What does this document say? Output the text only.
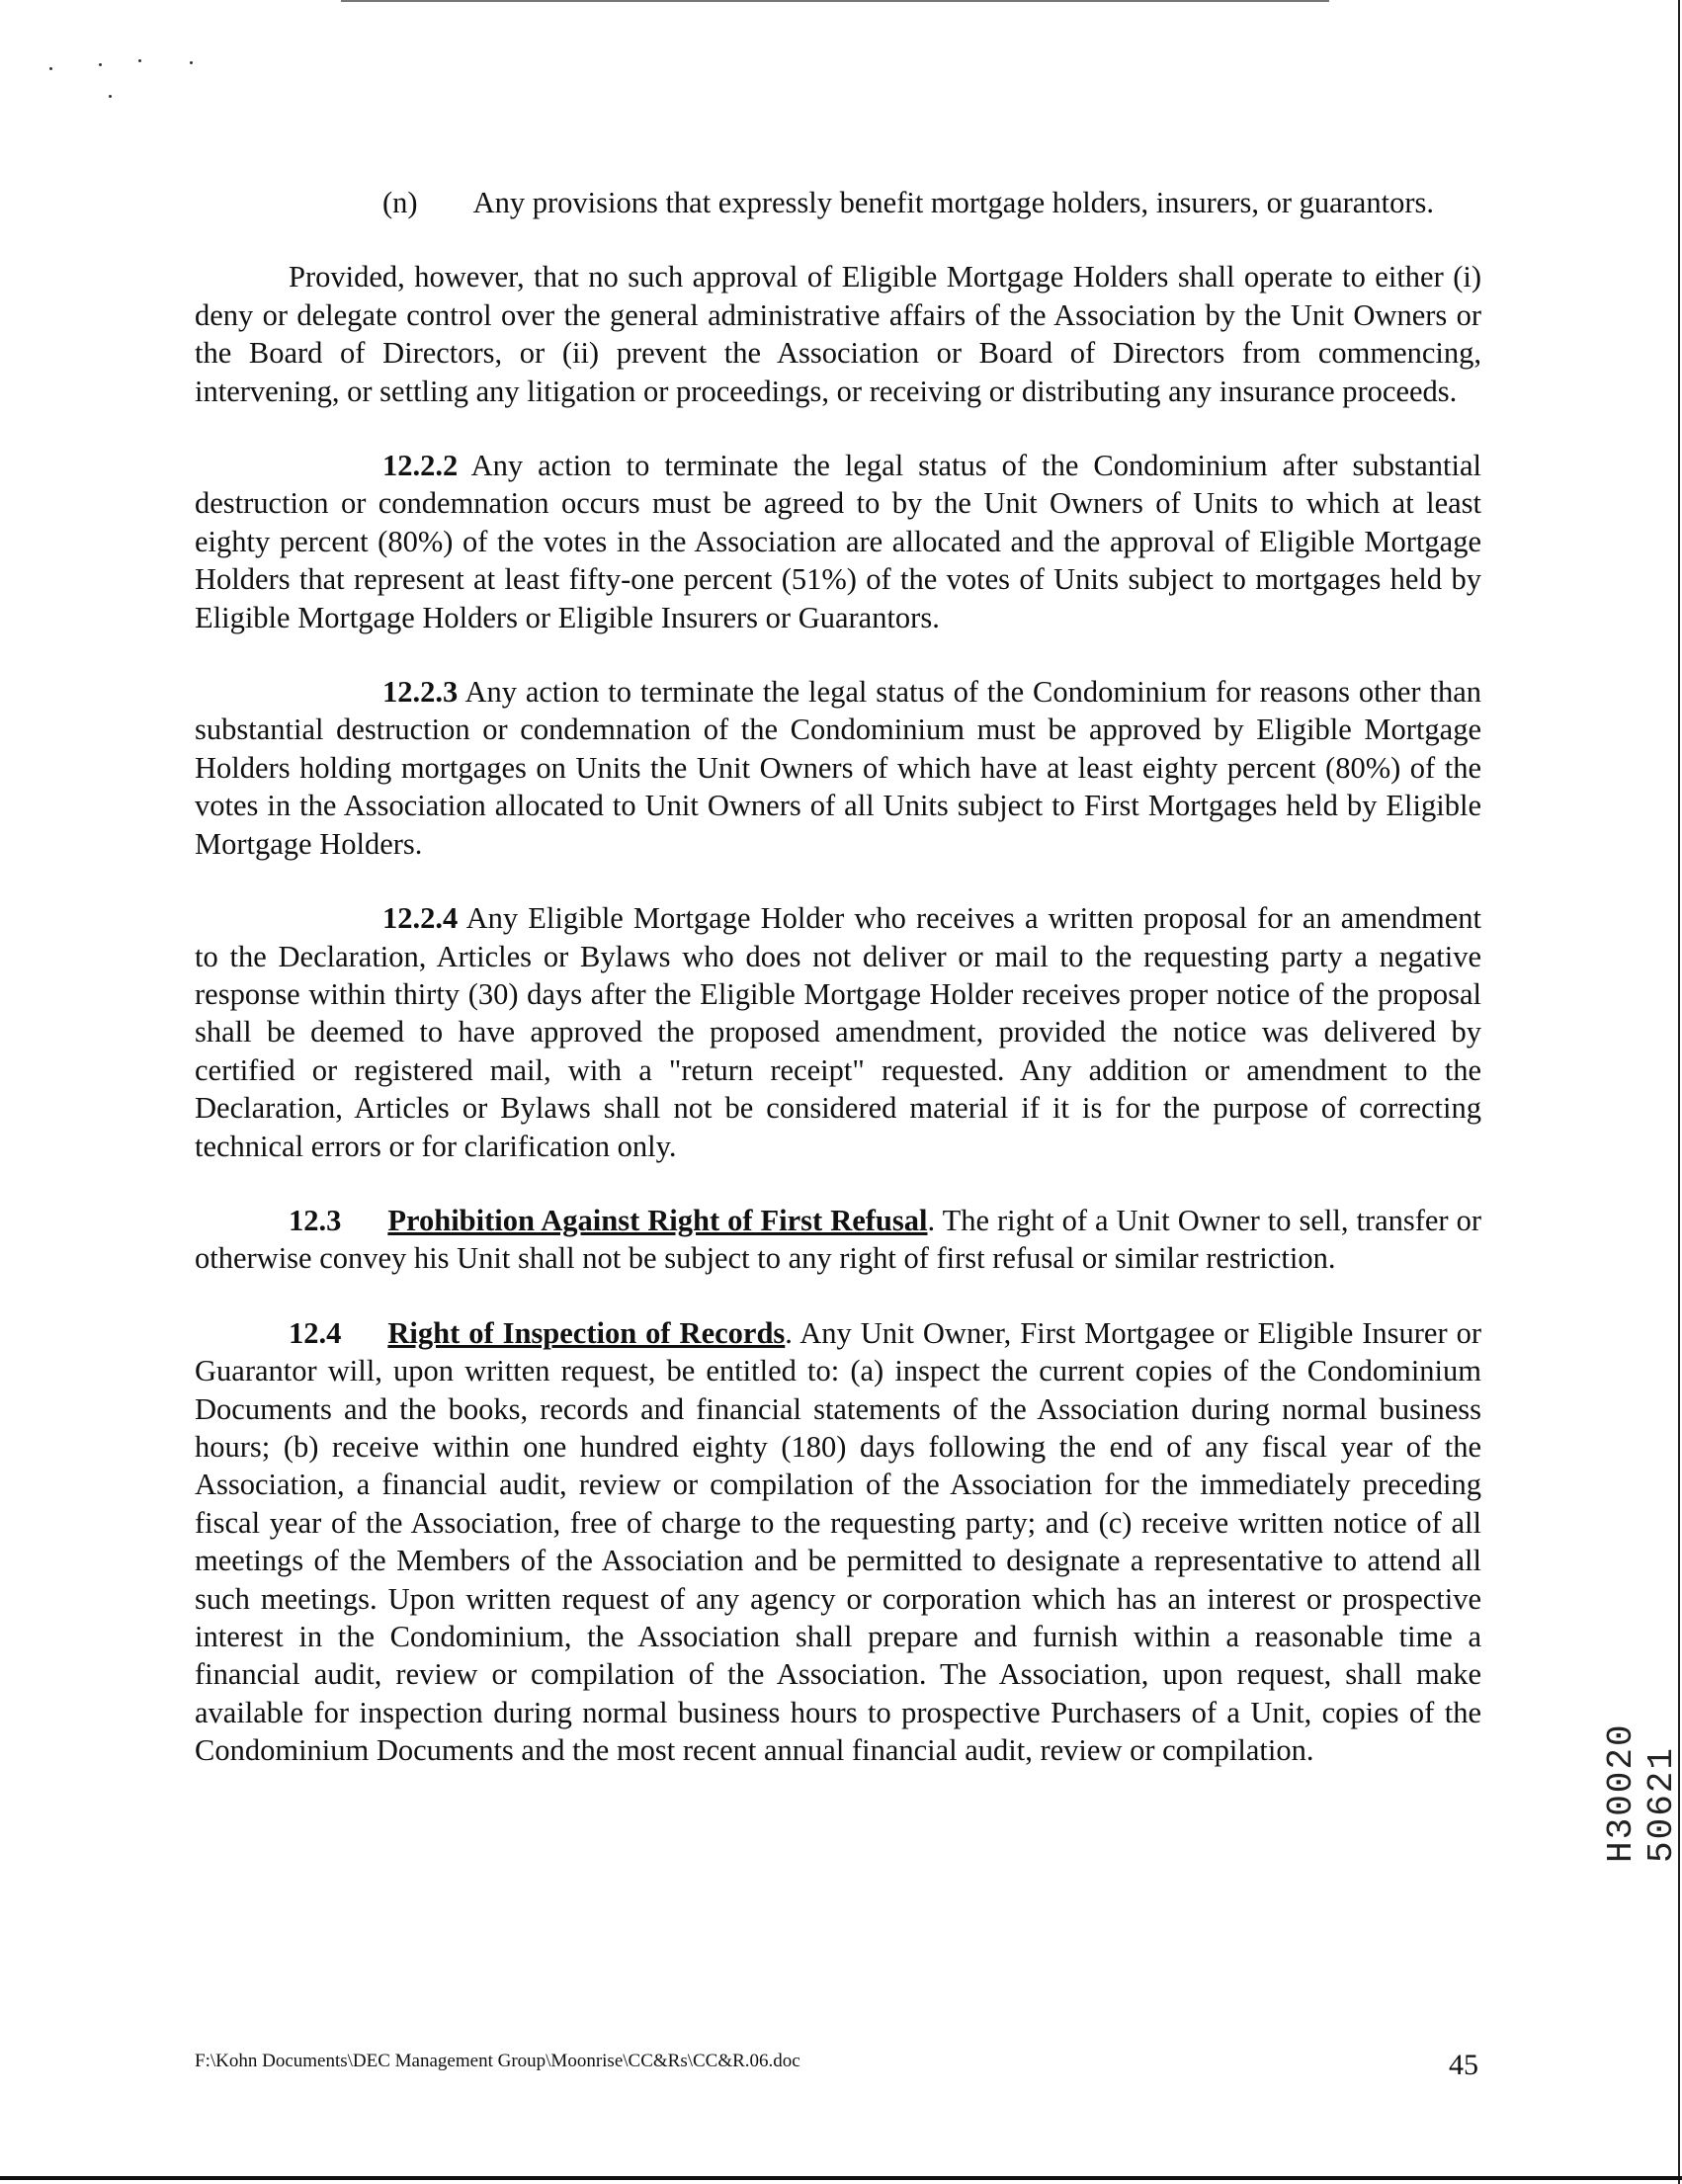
(n) Any provisions that expressly benefit mortgage holders, insurers, or guarantors.

Provided, however, that no such approval of Eligible Mortgage Holders shall operate to either (i) deny or delegate control over the general administrative affairs of the Association by the Unit Owners or the Board of Directors, or (ii) prevent the Association or Board of Directors from commencing, intervening, or settling any litigation or proceedings, or receiving or distributing any insurance proceeds.

12.2.2 Any action to terminate the legal status of the Condominium after substantial destruction or condemnation occurs must be agreed to by the Unit Owners of Units to which at least eighty percent (80%) of the votes in the Association are allocated and the approval of Eligible Mortgage Holders that represent at least fifty-one percent (51%) of the votes of Units subject to mortgages held by Eligible Mortgage Holders or Eligible Insurers or Guarantors.

12.2.3 Any action to terminate the legal status of the Condominium for reasons other than substantial destruction or condemnation of the Condominium must be approved by Eligible Mortgage Holders holding mortgages on Units the Unit Owners of which have at least eighty percent (80%) of the votes in the Association allocated to Unit Owners of all Units subject to First Mortgages held by Eligible Mortgage Holders.

12.2.4 Any Eligible Mortgage Holder who receives a written proposal for an amendment to the Declaration, Articles or Bylaws who does not deliver or mail to the requesting party a negative response within thirty (30) days after the Eligible Mortgage Holder receives proper notice of the proposal shall be deemed to have approved the proposed amendment, provided the notice was delivered by certified or registered mail, with a "return receipt" requested. Any addition or amendment to the Declaration, Articles or Bylaws shall not be considered material if it is for the purpose of correcting technical errors or for clarification only.

12.3 Prohibition Against Right of First Refusal. The right of a Unit Owner to sell, transfer or otherwise convey his Unit shall not be subject to any right of first refusal or similar restriction.

12.4 Right of Inspection of Records. Any Unit Owner, First Mortgagee or Eligible Insurer or Guarantor will, upon written request, be entitled to: (a) inspect the current copies of the Condominium Documents and the books, records and financial statements of the Association during normal business hours; (b) receive within one hundred eighty (180) days following the end of any fiscal year of the Association, a financial audit, review or compilation of the Association for the immediately preceding fiscal year of the Association, free of charge to the requesting party; and (c) receive written notice of all meetings of the Members of the Association and be permitted to designate a representative to attend all such meetings. Upon written request of any agency or corporation which has an interest or prospective interest in the Condominium, the Association shall prepare and furnish within a reasonable time a financial audit, review or compilation of the Association. The Association, upon request, shall make available for inspection during normal business hours to prospective Purchasers of a Unit, copies of the Condominium Documents and the most recent annual financial audit, review or compilation.

F:\Kohn Documents\DEC Management Group\Moonrise\CC&Rs\CC&R.06.doc	45
H30020 50621
